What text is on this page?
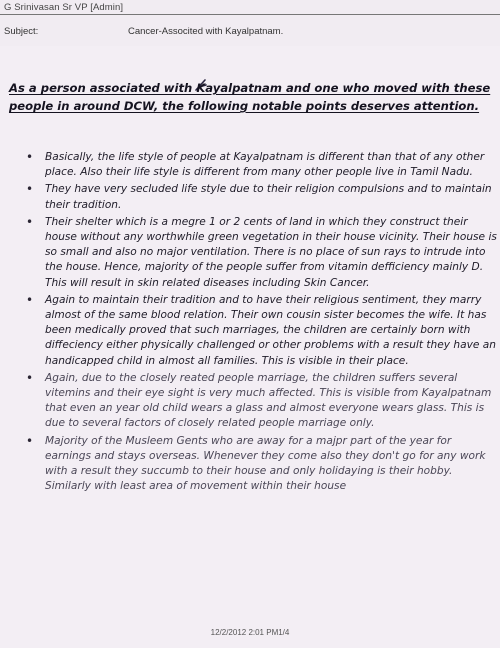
G Srinivasan Sr VP [Admin]
Subject:	Cancer-Associted with Kayalpatnam.
As a person associated with Kayalpatnam and one who moved with these people in around DCW, the following notable points deserves attention.
• Basically, the life style of people at Kayalpatnam is different than that of any other place. Also their life style is different from many other people live in Tamil Nadu.
• They have very secluded life style due to their religion compulsions and to maintain their tradition.
• Their shelter which is a megre 1 or 2 cents of land in which they construct their house without any worthwhile green vegetation in their house vicinity. Their house is so small and also no major ventilation. There is no place of sun rays to intrude into the house. Hence, majority of the people suffer from vitamin defficiency mainly D. This will result in skin related diseases including Skin Cancer.
• Again to maintain their tradition and to have their religious sentiment, they marry almost of the same blood relation. Their own cousin sister becomes the wife. It has been medically proved that such marriages, the children are certainly born with diffeciency either physically challenged or other problems with a result they have an handicapped child in almost all families. This is visible in their place.
• Again, due to the closely reated people marriage, the children suffers several vitemins and their eye sight is very much affected. This is visible from Kayalpatnam that even an year old child wears a glass and almost everyone wears glass. This is due to several factors of closely related people marriage only.
• Majority of the Musleem Gents who are away for a majpr part of the year for earnings and stays overseas. Whenever they come also they don't go for any work with a result they succumb to their house and only holidaying is their hobby. Similarly with least area of movement within their house
12/2/2012 2:01 PM1/4
